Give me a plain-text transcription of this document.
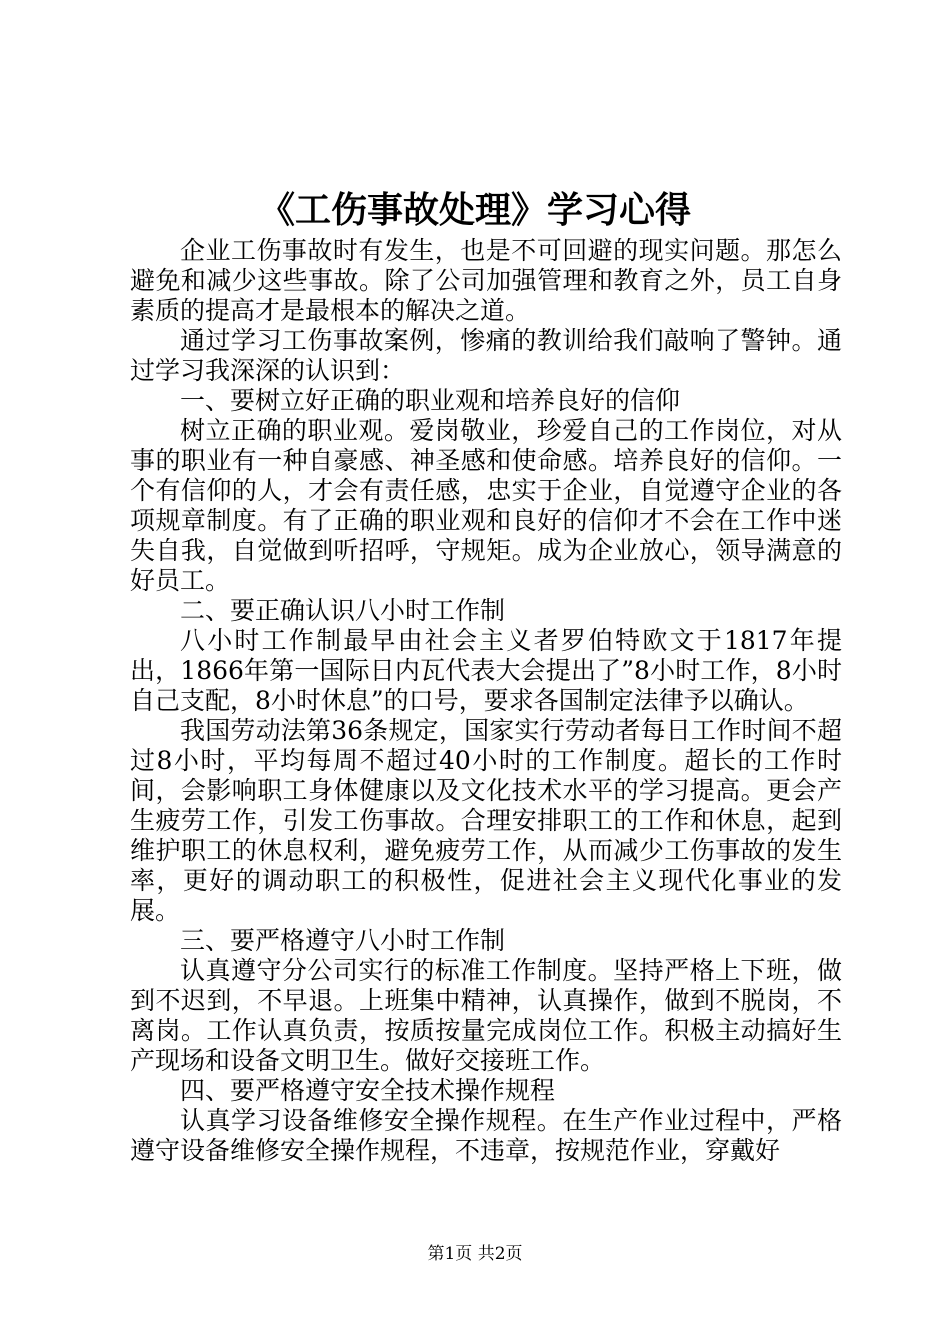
《工伤事故处理》学习心得

企业工伤事故时有发生，也是不可回避的现实问题。那怎么避免和减少这些事故。除了公司加强管理和教育之外，员工自身素质的提高才是最根本的解决之道。

通过学习工伤事故案例，惨痛的教训给我们敲响了警钟。通过学习我深深的认识到：

一、要树立好正确的职业观和培养良好的信仰

树立正确的职业观。爱岗敬业，珍爱自己的工作岗位，对从事的职业有一种自豪感、神圣感和使命感。培养良好的信仰。一个有信仰的人，才会有责任感，忠实于企业，自觉遵守企业的各项规章制度。有了正确的职业观和良好的信仰才不会在工作中迷失自我，自觉做到听招呼，守规矩。成为企业放心，领导满意的好员工。

二、要正确认识八小时工作制

八小时工作制最早由社会主义者罗伯特欧文于1817年提出，1866年第一国际日内瓦代表大会提出了”8小时工作，8小时自己支配，8小时休息”的口号，要求各国制定法律予以确认。

我国劳动法第36条规定，国家实行劳动者每日工作时间不超过8小时，平均每周不超过40小时的工作制度。超长的工作时间，会影响职工身体健康以及文化技术水平的学习提高。更会产生疲劳工作，引发工伤事故。合理安排职工的工作和休息，起到维护职工的休息权利，避免疲劳工作，从而减少工伤事故的发生率，更好的调动职工的积极性，促进社会主义现代化事业的发展。

三、要严格遵守八小时工作制

认真遵守分公司实行的标准工作制度。坚持严格上下班，做到不迟到，不早退。上班集中精神，认真操作，做到不脱岗，不离岗。工作认真负责，按质按量完成岗位工作。积极主动搞好生产现场和设备文明卫生。做好交接班工作。

四、要严格遵守安全技术操作规程

认真学习设备维修安全操作规程。在生产作业过程中，严格遵守设备维修安全操作规程，不违章，按规范作业，穿戴好

第1页 共2页
